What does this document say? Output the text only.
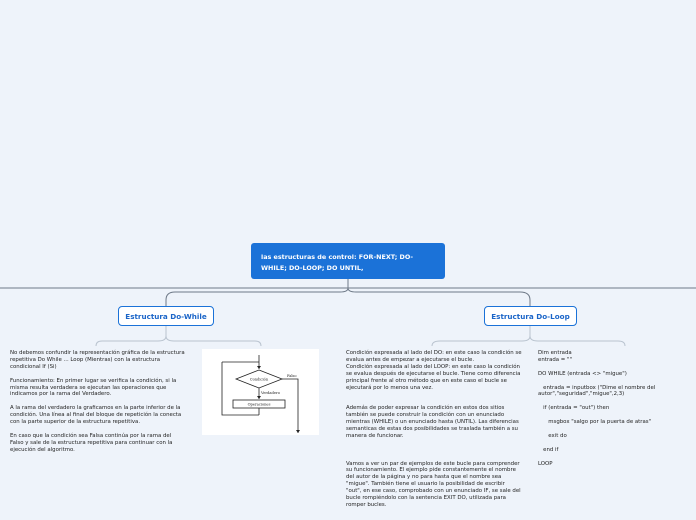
las estructuras de control: FOR-NEXT; DO-WHILE; DO-LOOP; DO UNTIL,
Estructura Do-While	Estructura Do-Loop
No debemos confundir la representación gráfica de la estructura repetitiva Do While ... Loop (Mientras) con la estructura condicional If (Si)

Funcionamiento: En primer lugar se verifica la condición, si la misma resulta verdadera se ejecutan las operaciones que indicamos por la rama del Verdadero.

A la rama del verdadero la graficamos en la parte inferior de la condición. Una línea al final del bloque de repetición la conecta con la parte superior de la estructura repetitiva.

En caso que la condición sea Falsa continúa por la rama del Falso y sale de la estructura repetitiva para continuar con la ejecución del algoritmo.
Condición
Falso
Verdadero
Operaciones
Condición expresada al lado del DO: en este caso la condición se evalua antes de empezar a ejecutarse el bucle.
Condición expresada al lado del LOOP: en este caso la condición se evalua después de ejecutarse el bucle. Tiene como diferencia principal frente al otro método que en este caso el bucle se ejecutará por lo menos una vez.

Además de poder expresar la condición en estos dos sitios también se puede construir la condición con un enunciado mientras (WHILE) o un enunciado hasta (UNTIL). Las diferencias semanticas de estas dos posibilidades se traslada también a su manera de funcionar.

Vamos a ver un par de ejemplos de este bucle para comprender su funcionamiento. El ejemplo pide constantemente el nombre del autor de la página y no para hasta que el nombre sea "migue". También tiene el usuario la posibilidad de escribir "out", en ese caso, comprobado con un enunciado IF, se sale del bucle rompiéndolo con la sentencia EXIT DO, utilizada para romper bucles.
Dim entrada
entrada = ""

DO WHILE (entrada <> "migue")

entrada = inputbox ("Dime el nombre del autor","seguridad","migue",2,3)

if (entrada = "out") then

msgbox "salgo por la puerta de atras"

exit do

end if

LOOP
